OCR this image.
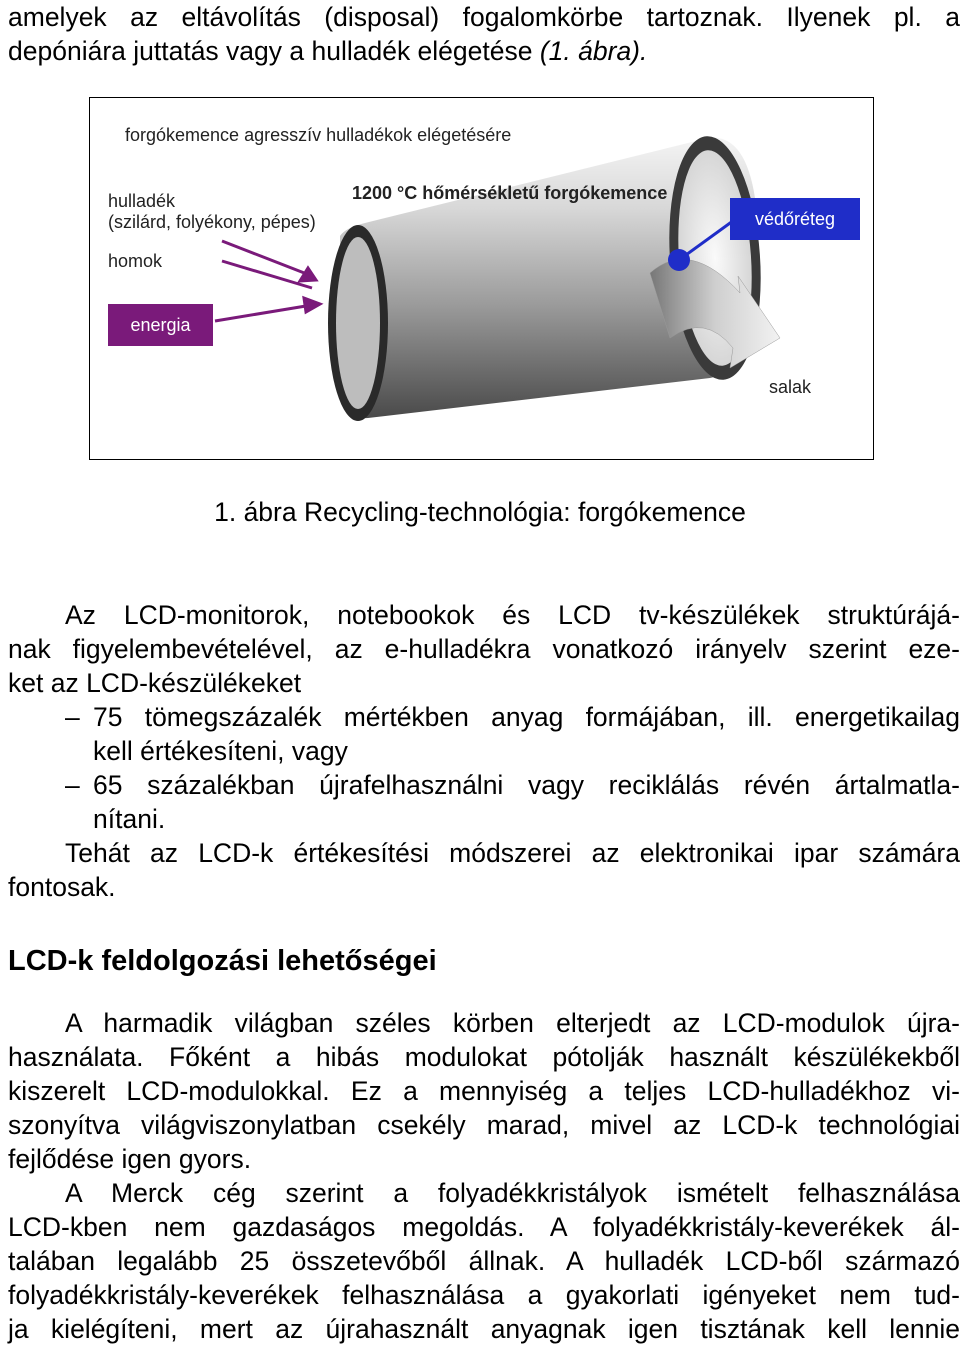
amelyek az eltávolítás (disposal) fogalomkörbe tartoznak. Ilyenek pl. a
depóniára juttatás vagy a hulladék elégetése (1. ábra).
forgókemence agresszív hulladékok elégetésére
hulladék
(szilárd, folyékony, pépes)
homok
energia
1200 °C hőmérsékletű forgókemence
védőréteg
salak
1. ábra Recycling-technológia: forgókemence
Az LCD-monitorok, notebookok és LCD tv-készülékek struktúrájá-
nak figyelembevételével, az e-hulladékra vonatkozó irányelv szerint eze-
ket az LCD-készülékeket
– 75 tömegszázalék mértékben anyag formájában, ill. energetikailag
kell értékesíteni, vagy
– 65 százalékban újrafelhasználni vagy reciklálás révén ártalmatla-
nítani.
Tehát az LCD-k értékesítési módszerei az elektronikai ipar számára
fontosak.
LCD-k feldolgozási lehetőségei
A harmadik világban széles körben elterjedt az LCD-modulok újra-
használata. Főként a hibás modulokat pótolják használt készülékekből
kiszerelt LCD-modulokkal. Ez a mennyiség a teljes LCD-hulladékhoz vi-
szonyítva világviszonylatban csekély marad, mivel az LCD-k technológiai
fejlődése igen gyors.
A Merck cég szerint a folyadékkristályok ismételt felhasználása
LCD-kben nem gazdaságos megoldás. A folyadékkristály-keverékek ál-
talában legalább 25 összetevőből állnak. A hulladék LCD-ből származó
folyadékkristály-keverékek felhasználása a gyakorlati igényeket nem tud-
ja kielégíteni, mert az újrahasznált anyagnak igen tisztának kell lennie
